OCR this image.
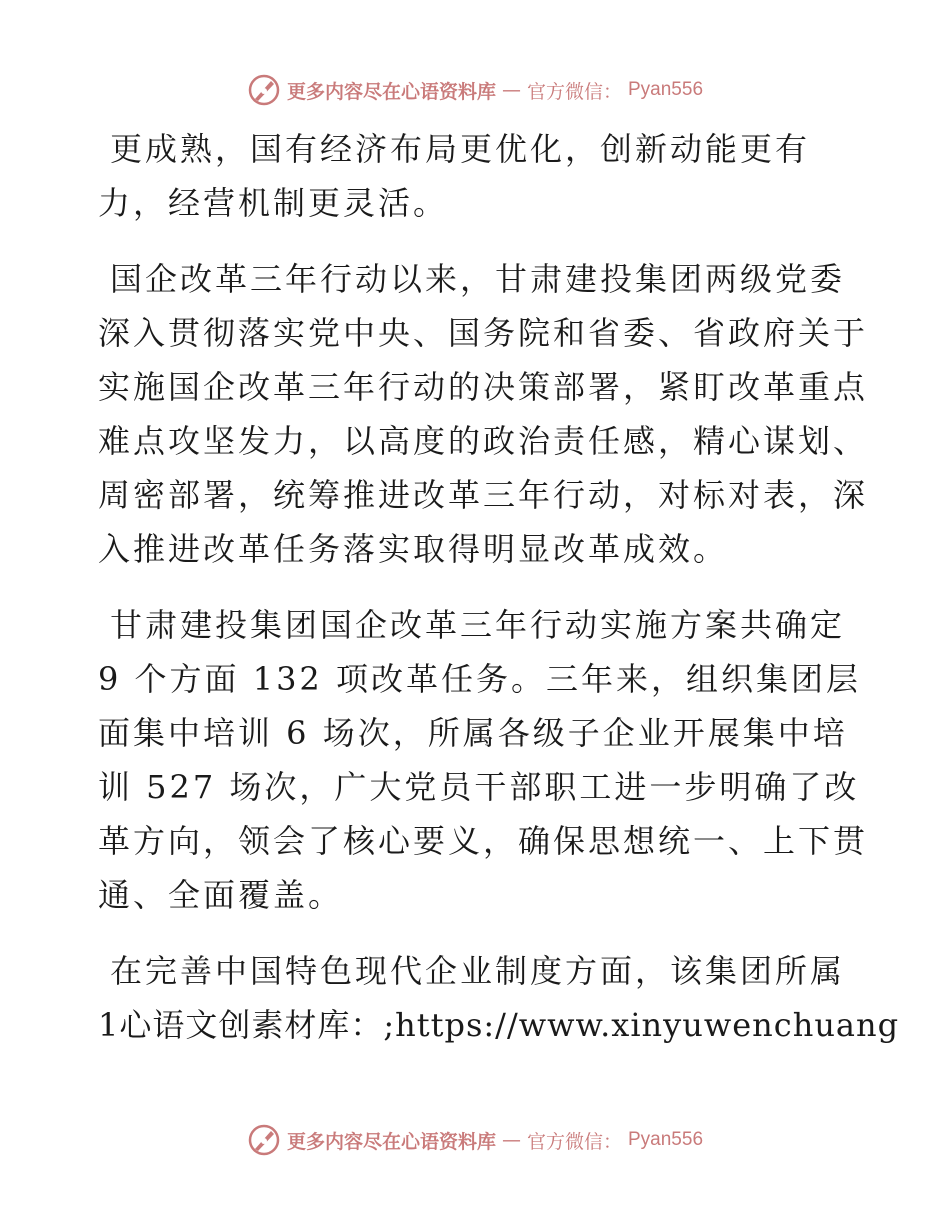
更多内容尽在心语资料库 — 官方微信： Pyan556
更成熟，国有经济布局更优化，创新动能更有
力，经营机制更灵活。
国企改革三年行动以来，甘肃建投集团两级党委
深入贯彻落实党中央、国务院和省委、省政府关于
实施国企改革三年行动的决策部署，紧盯改革重点
难点攻坚发力，以高度的政治责任感，精心谋划、
周密部署，统筹推进改革三年行动，对标对表，深
入推进改革任务落实取得明显改革成效。
甘肃建投集团国企改革三年行动实施方案共确定
9 个方面 132 项改革任务。三年来，组织集团层
面集中培训 6 场次，所属各级子企业开展集中培
训 527 场次，广大党员干部职工进一步明确了改
革方向，领会了核心要义，确保思想统一、上下贯
通、全面覆盖。
在完善中国特色现代企业制度方面，该集团所属
1心语文创素材库：;https://www.xinyuwenchuang
更多内容尽在心语资料库 — 官方微信： Pyan556
